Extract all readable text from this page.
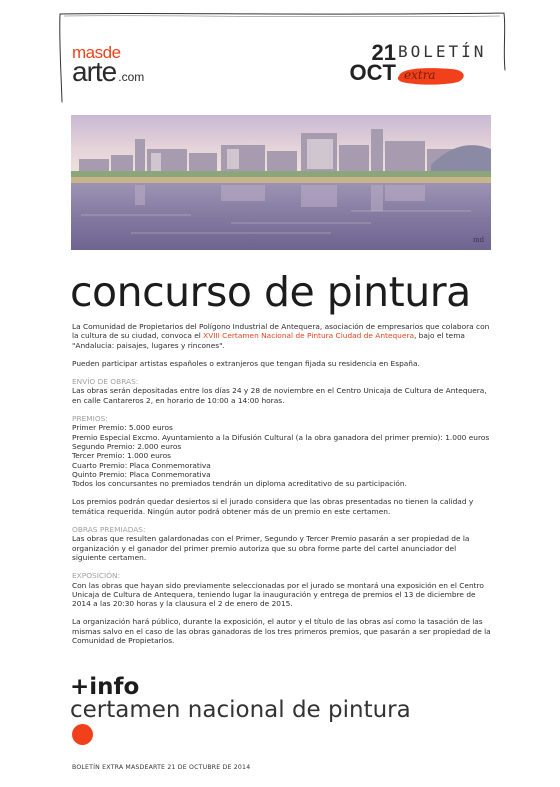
masde
arte .com
21
OCT
BOLETÍN
extra
md
concurso de pintura

La Comunidad de Propietarios del Polígono Industrial de Antequera, asociación de empresarios que colabora con la cultura de su ciudad, convoca el XVIII Certamen Nacional de Pintura Ciudad de Antequera, bajo el tema "Andalucía: paisajes, lugares y rincones".

Pueden participar artistas españoles o extranjeros que tengan fijada su residencia en España.

ENVÍO DE OBRAS:

Las obras serán depositadas entre los días 24 y 28 de noviembre en el Centro Unicaja de Cultura de Antequera, en calle Cantareros 2, en horario de 10:00 a 14:00 horas.

PREMIOS:

Primer Premio: 5.000 euros

Premio Especial Excmo. Ayuntamiento a la Difusión Cultural (a la obra ganadora del primer premio): 1.000 euros

Segundo Premio: 2.000 euros

Tercer Premio: 1.000 euros

Cuarto Premio: Placa Conmemorativa

Quinto Premio: Placa Conmemorativa

Todos los concursantes no premiados tendrán un diploma acreditativo de su participación.

Los premios podrán quedar desiertos si el jurado considera que las obras presentadas no tienen la calidad y temática requerida. Ningún autor podrá obtener más de un premio en este certamen.

OBRAS PREMIADAS:

Las obras que resulten galardonadas con el Primer, Segundo y Tercer Premio pasarán a ser propiedad de la organización y el ganador del primer premio autoriza que su obra forme parte del cartel anunciador del siguiente certamen.

EXPOSICIÓN:

Con las obras que hayan sido previamente seleccionadas por el jurado se montará una exposición en el Centro Unicaja de Cultura de Antequera, teniendo lugar la inauguración y entrega de premios el 13 de diciembre de 2014 a las 20:30 horas y la clausura el 2 de enero de 2015.

La organización hará público, durante la exposición, el autor y el título de las obras así como la tasación de las mismas salvo en el caso de las obras ganadoras de los tres primeros premios, que pasarán a ser propiedad de la Comunidad de Propietarios.

+info
certamen nacional de pintura
BOLETÍN EXTRA MASDEARTE 21 DE OCTUBRE DE 2014
